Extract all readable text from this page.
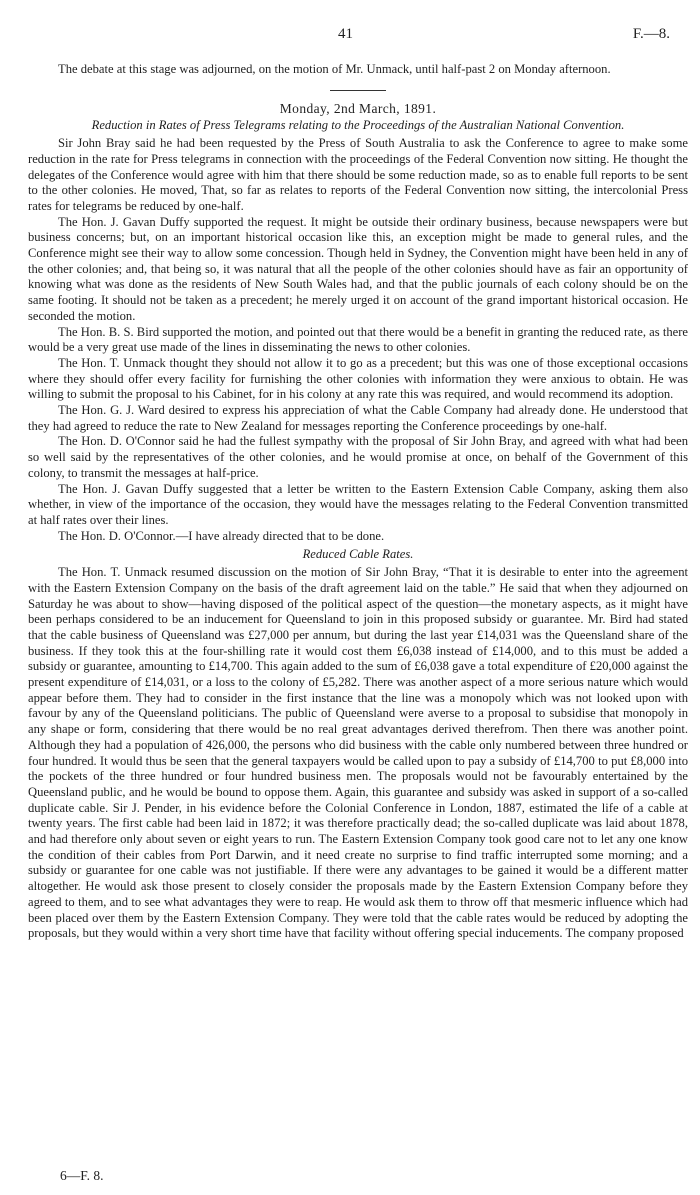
41	F.—8.

The debate at this stage was adjourned, on the motion of Mr. Unmack, until half-past 2 on Monday afternoon.

Monday, 2nd March, 1891.

Reduction in Rates of Press Telegrams relating to the Proceedings of the Australian National Convention.

Sir John Bray said he had been requested by the Press of South Australia to ask the Conference to agree to make some reduction in the rate for Press telegrams in connection with the proceedings of the Federal Convention now sitting. He thought the delegates of the Conference would agree with him that there should be some reduction made, so as to enable full reports to be sent to the other colonies. He moved, That, so far as relates to reports of the Federal Convention now sitting, the intercolonial Press rates for telegrams be reduced by one-half.

The Hon. J. Gavan Duffy supported the request. It might be outside their ordinary business, because newspapers were but business concerns; but, on an important historical occasion like this, an exception might be made to general rules, and the Conference might see their way to allow some concession. Though held in Sydney, the Convention might have been held in any of the other colonies; and, that being so, it was natural that all the people of the other colonies should have as fair an opportunity of knowing what was done as the residents of New South Wales had, and that the public journals of each colony should be on the same footing. It should not be taken as a precedent; he merely urged it on account of the grand important historical occasion. He seconded the motion.

The Hon. B. S. Bird supported the motion, and pointed out that there would be a benefit in granting the reduced rate, as there would be a very great use made of the lines in disseminating the news to other colonies.

The Hon. T. Unmack thought they should not allow it to go as a precedent; but this was one of those exceptional occasions where they should offer every facility for furnishing the other colonies with information they were anxious to obtain. He was willing to submit the proposal to his Cabinet, for in his colony at any rate this was required, and would recommend its adoption.

The Hon. G. J. Ward desired to express his appreciation of what the Cable Company had already done. He understood that they had agreed to reduce the rate to New Zealand for messages reporting the Conference proceedings by one-half.

The Hon. D. O'Connor said he had the fullest sympathy with the proposal of Sir John Bray, and agreed with what had been so well said by the representatives of the other colonies, and he would promise at once, on behalf of the Government of this colony, to transmit the messages at half-price.

The Hon. J. Gavan Duffy suggested that a letter be written to the Eastern Extension Cable Company, asking them also whether, in view of the importance of the occasion, they would have the messages relating to the Federal Convention transmitted at half rates over their lines.

The Hon. D. O'Connor.—I have already directed that to be done.

Reduced Cable Rates.

The Hon. T. Unmack resumed discussion on the motion of Sir John Bray, “That it is desirable to enter into the agreement with the Eastern Extension Company on the basis of the draft agreement laid on the table.” He said that when they adjourned on Saturday he was about to show—having disposed of the political aspect of the question—the monetary aspects, as it might have been perhaps considered to be an inducement for Queensland to join in this proposed subsidy or guarantee. Mr. Bird had stated that the cable business of Queensland was £27,000 per annum, but during the last year £14,031 was the Queensland share of the business. If they took this at the four-shilling rate it would cost them £6,038 instead of £14,000, and to this must be added a subsidy or guarantee, amounting to £14,700. This again added to the sum of £6,038 gave a total expenditure of £20,000 against the present expenditure of £14,031, or a loss to the colony of £5,282. There was another aspect of a more serious nature which would appear before them. They had to consider in the first instance that the line was a monopoly which was not looked upon with favour by any of the Queensland politicians. The public of Queensland were averse to a proposal to subsidise that monopoly in any shape or form, considering that there would be no real great advantages derived therefrom. Then there was another point. Although they had a population of 426,000, the persons who did business with the cable only numbered between three hundred or four hundred. It would thus be seen that the general taxpayers would be called upon to pay a subsidy of £14,700 to put £8,000 into the pockets of the three hundred or four hundred business men. The proposals would not be favourably entertained by the Queensland public, and he would be bound to oppose them. Again, this guarantee and subsidy was asked in support of a so-called duplicate cable. Sir J. Pender, in his evidence before the Colonial Conference in London, 1887, estimated the life of a cable at twenty years. The first cable had been laid in 1872; it was therefore practically dead; the so-called duplicate was laid about 1878, and had therefore only about seven or eight years to run. The Eastern Extension Company took good care not to let any one know the condition of their cables from Port Darwin, and it need create no surprise to find traffic interrupted some morning; and a subsidy or guarantee for one cable was not justifiable. If there were any advantages to be gained it would be a different matter altogether. He would ask those present to closely consider the proposals made by the Eastern Extension Company before they agreed to them, and to see what advantages they were to reap. He would ask them to throw off that mesmeric influence which had been placed over them by the Eastern Extension Company. They were told that the cable rates would be reduced by adopting the proposals, but they would within a very short time have that facility without offering special inducements. The company proposed

6—F. 8.
